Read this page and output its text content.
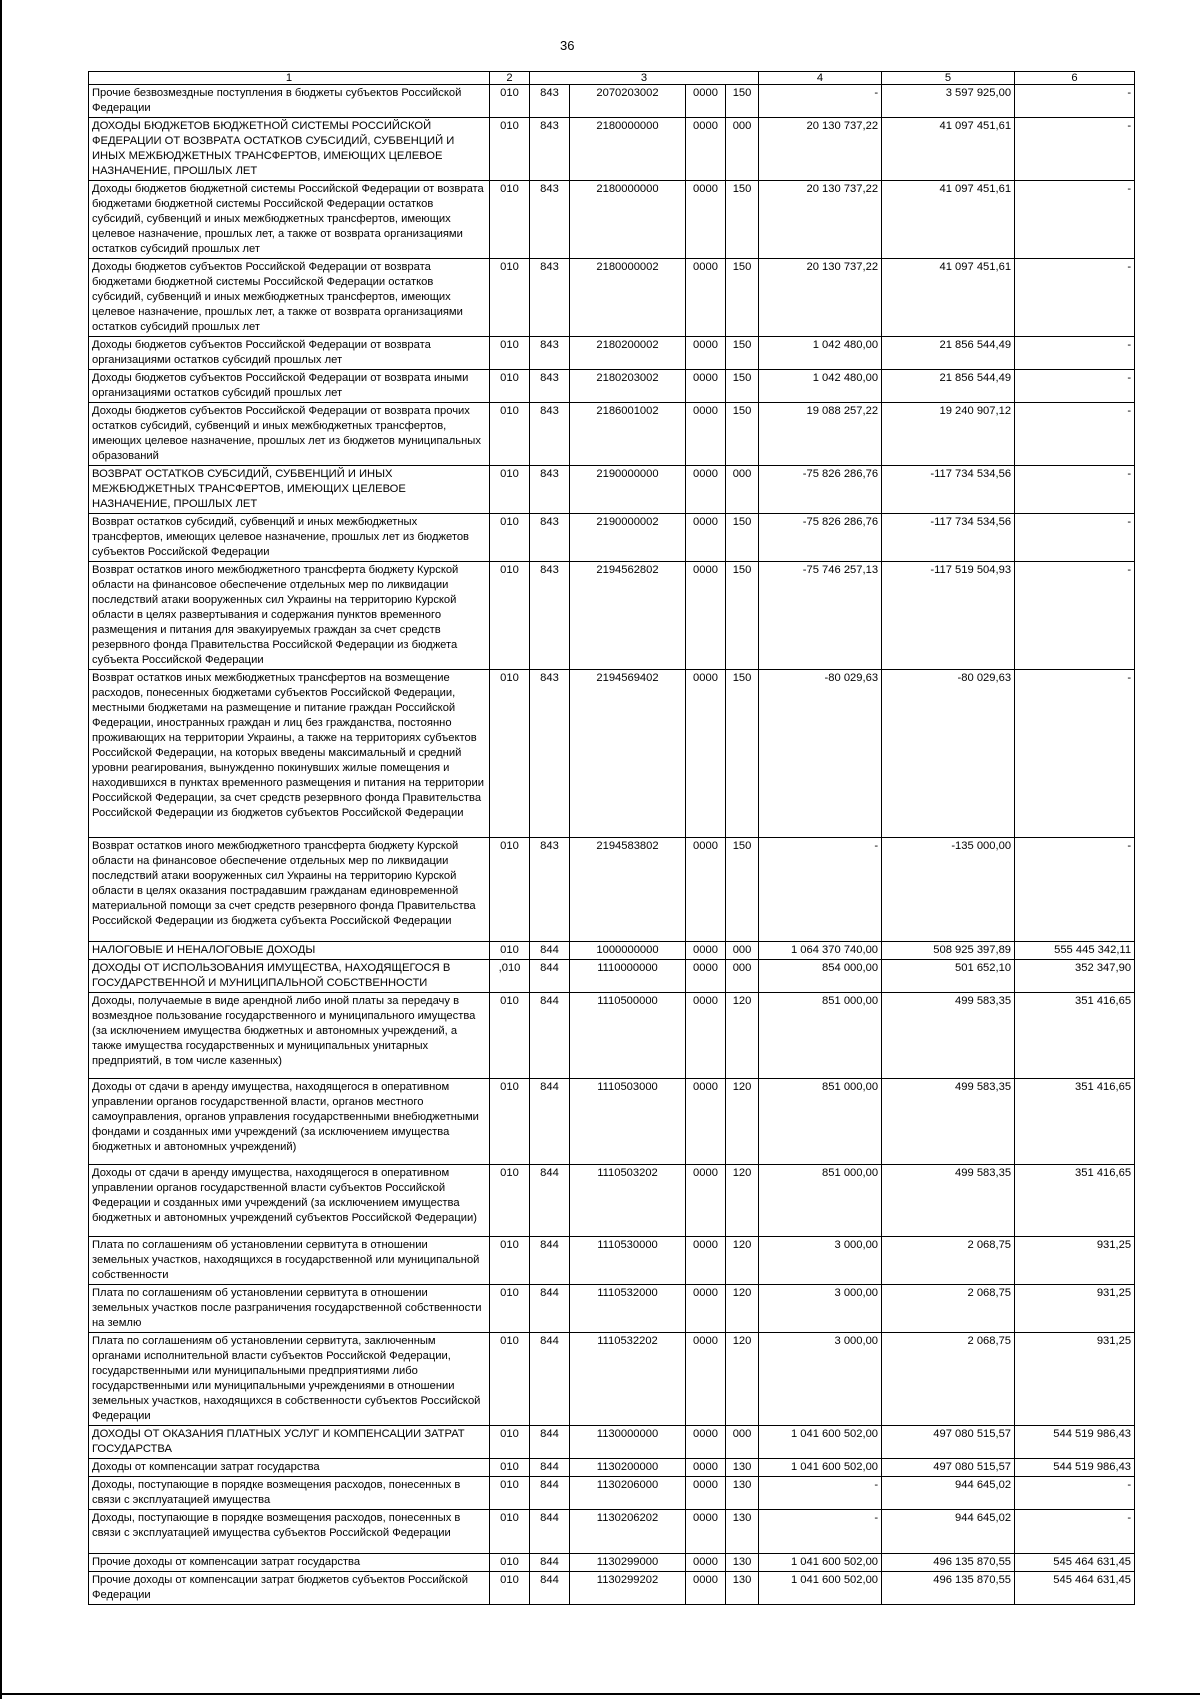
36
1	2	3				4	5	6
Прочие безвозмездные поступления в бюджеты субъектов Российской Федерации	010	843	2070203002	0000	150	-	3 597 925,00	-
ДОХОДЫ БЮДЖЕТОВ БЮДЖЕТНОЙ СИСТЕМЫ РОССИЙСКОЙ ФЕДЕРАЦИИ ОТ ВОЗВРАТА ОСТАТКОВ СУБСИДИЙ, СУБВЕНЦИЙ И ИНЫХ МЕЖБЮДЖЕТНЫХ ТРАНСФЕРТОВ, ИМЕЮЩИХ ЦЕЛЕВОЕ НАЗНАЧЕНИЕ, ПРОШЛЫХ ЛЕТ	010	843	2180000000	0000	000	20 130 737,22	41 097 451,61	-
Доходы бюджетов бюджетной системы Российской Федерации от возврата бюджетами бюджетной системы Российской Федерации остатков субсидий, субвенций и иных межбюджетных трансфертов, имеющих целевое назначение, прошлых лет, а также от возврата организациями остатков субсидий прошлых лет	010	843	2180000000	0000	150	20 130 737,22	41 097 451,61	-
Доходы бюджетов субъектов Российской Федерации от возврата бюджетами бюджетной системы Российской Федерации остатков субсидий, субвенций и иных межбюджетных трансфертов, имеющих целевое назначение, прошлых лет, а также от возврата организациями остатков субсидий прошлых лет	010	843	2180000002	0000	150	20 130 737,22	41 097 451,61	-
Доходы бюджетов субъектов Российской Федерации от возврата организациями остатков субсидий прошлых лет	010	843	2180200002	0000	150	1 042 480,00	21 856 544,49	-
Доходы бюджетов субъектов Российской Федерации от возврата иными организациями остатков субсидий прошлых лет	010	843	2180203002	0000	150	1 042 480,00	21 856 544,49	-
Доходы бюджетов субъектов Российской Федерации от возврата прочих остатков субсидий, субвенций и иных межбюджетных трансфертов, имеющих целевое назначение, прошлых лет из бюджетов муниципальных образований	010	843	2186001002	0000	150	19 088 257,22	19 240 907,12	-
ВОЗВРАТ ОСТАТКОВ СУБСИДИЙ, СУБВЕНЦИЙ И ИНЫХ МЕЖБЮДЖЕТНЫХ ТРАНСФЕРТОВ, ИМЕЮЩИХ ЦЕЛЕВОЕ НАЗНАЧЕНИЕ, ПРОШЛЫХ ЛЕТ	010	843	2190000000	0000	000	-75 826 286,76	-117 734 534,56	-
Возврат остатков субсидий, субвенций и иных межбюджетных трансфертов, имеющих целевое назначение, прошлых лет из бюджетов субъектов Российской Федерации	010	843	2190000002	0000	150	-75 826 286,76	-117 734 534,56	-
Возврат остатков иного межбюджетного трансферта бюджету Курской области на финансовое обеспечение отдельных мер по ликвидации последствий атаки вооруженных сил Украины на территорию Курской области в целях развертывания и содержания пунктов временного размещения и питания для эвакуируемых граждан за счет средств резервного фонда Правительства Российской Федерации из бюджета субъекта Российской Федерации	010	843	2194562802	0000	150	-75 746 257,13	-117 519 504,93	-
Возврат остатков иных межбюджетных трансфертов на возмещение расходов, понесенных бюджетами субъектов Российской Федерации, местными бюджетами на размещение и питание граждан Российской Федерации, иностранных граждан и лиц без гражданства, постоянно проживающих на территории Украины, а также на территориях субъектов Российской Федерации, на которых введены максимальный и средний уровни реагирования, вынужденно покинувших жилые помещения и находившихся в пунктах временного размещения и питания на территории Российской Федерации, за счет средств резервного фонда Правительства Российской Федерации из бюджетов субъектов Российской Федерации	010	843	2194569402	0000	150	-80 029,63	-80 029,63	-
Возврат остатков иного межбюджетного трансферта бюджету Курской области на финансовое обеспечение отдельных мер по ликвидации последствий атаки вооруженных сил Украины на территорию Курской области в целях оказания пострадавшим гражданам единовременной материальной помощи за счет средств резервного фонда Правительства Российской Федерации из бюджета субъекта Российской Федерации	010	843	2194583802	0000	150	-	-135 000,00	-
НАЛОГОВЫЕ И НЕНАЛОГОВЫЕ ДОХОДЫ	010	844	1000000000	0000	000	1 064 370 740,00	508 925 397,89	555 445 342,11
ДОХОДЫ ОТ ИСПОЛЬЗОВАНИЯ ИМУЩЕСТВА, НАХОДЯЩЕГОСЯ В ГОСУДАРСТВЕННОЙ И МУНИЦИПАЛЬНОЙ СОБСТВЕННОСТИ	,010	844	1110000000	0000	000	854 000,00	501 652,10	352 347,90
Доходы, получаемые в виде арендной либо иной платы за передачу в возмездное пользование государственного и муниципального имущества (за исключением имущества бюджетных и автономных учреждений, а также имущества государственных и муниципальных унитарных предприятий, в том числе казенных)	010	844	1110500000	0000	120	851 000,00	499 583,35	351 416,65
Доходы от сдачи в аренду имущества, находящегося в оперативном управлении органов государственной власти, органов местного самоуправления, органов управления государственными внебюджетными фондами и созданных ими учреждений (за исключением имущества бюджетных и автономных учреждений)	010	844	1110503000	0000	120	851 000,00	499 583,35	351 416,65
Доходы от сдачи в аренду имущества, находящегося в оперативном управлении органов государственной власти субъектов Российской Федерации и созданных ими учреждений (за исключением имущества бюджетных и автономных учреждений субъектов Российской Федерации)	010	844	1110503202	0000	120	851 000,00	499 583,35	351 416,65
Плата по соглашениям об установлении сервитута в отношении земельных участков, находящихся в государственной или муниципальной собственности	010	844	1110530000	0000	120	3 000,00	2 068,75	931,25
Плата по соглашениям об установлении сервитута в отношении земельных участков после разграничения государственной собственности на землю	010	844	1110532000	0000	120	3 000,00	2 068,75	931,25
Плата по соглашениям об установлении сервитута, заключенным органами исполнительной власти субъектов Российской Федерации, государственными или муниципальными предприятиями либо государственными или муниципальными учреждениями в отношении земельных участков, находящихся в собственности субъектов Российской Федерации	010	844	1110532202	0000	120	3 000,00	2 068,75	931,25
ДОХОДЫ ОТ ОКАЗАНИЯ ПЛАТНЫХ УСЛУГ И КОМПЕНСАЦИИ ЗАТРАТ ГОСУДАРСТВА	010	844	1130000000	0000	000	1 041 600 502,00	497 080 515,57	544 519 986,43
Доходы от компенсации затрат государства	010	844	1130200000	0000	130	1 041 600 502,00	497 080 515,57	544 519 986,43
Доходы, поступающие в порядке возмещения расходов, понесенных в связи с эксплуатацией имущества	010	844	1130206000	0000	130	-	944 645,02	-
Доходы, поступающие в порядке возмещения расходов, понесенных в связи с эксплуатацией имущества субъектов Российской Федерации	010	844	1130206202	0000	130	-	944 645,02	-
Прочие доходы от компенсации затрат государства	010	844	1130299000	0000	130	1 041 600 502,00	496 135 870,55	545 464 631,45
Прочие доходы от компенсации затрат бюджетов субъектов Российской Федерации	010	844	1130299202	0000	130	1 041 600 502,00	496 135 870,55	545 464 631,45
